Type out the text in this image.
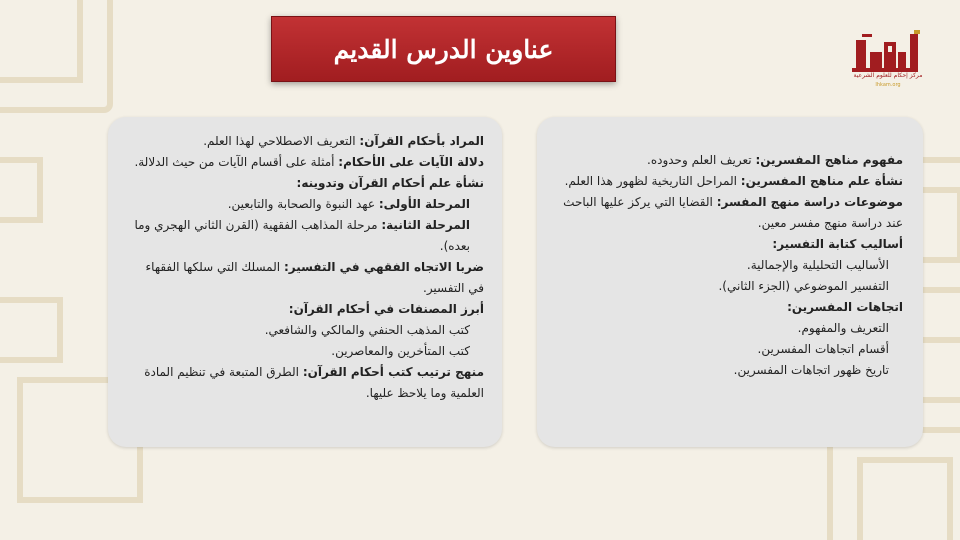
عناوين الدرس القديم
مركز إحكام للعلوم الشرعية
Ihkam.org

المراد بأحكام القرآن: التعريف الاصطلاحي لهذا العلم.

دلالة الآيات على الأحكام: أمثلة على أقسام الآيات من حيث الدلالة.

نشأة علم أحكام القرآن وتدوينه:

المرحلة الأولى: عهد النبوة والصحابة والتابعين.

المرحلة الثانية: مرحلة المذاهب الفقهية (القرن الثاني الهجري وما بعده).

ضربا الاتجاه الفقهي في التفسير: المسلك التي سلكها الفقهاء في التفسير.

أبرز المصنفات في أحكام القرآن:

كتب المذهب الحنفي والمالكي والشافعي.

كتب المتأخرين والمعاصرين.

منهج ترتيب كتب أحكام القرآن: الطرق المتبعة في تنظيم المادة العلمية وما يلاحظ عليها.

مفهوم مناهج المفسرين: تعريف العلم وحدوده.

نشأة علم مناهج المفسرين: المراحل التاريخية لظهور هذا العلم.

موضوعات دراسة منهج المفسر: القضايا التي يركز عليها الباحث عند دراسة منهج مفسر معين.

أساليب كتابة التفسير:

الأساليب التحليلية والإجمالية.

التفسير الموضوعي (الجزء الثاني).

اتجاهات المفسرين:

التعريف والمفهوم.

أقسام اتجاهات المفسرين.

تاريخ ظهور اتجاهات المفسرين.
